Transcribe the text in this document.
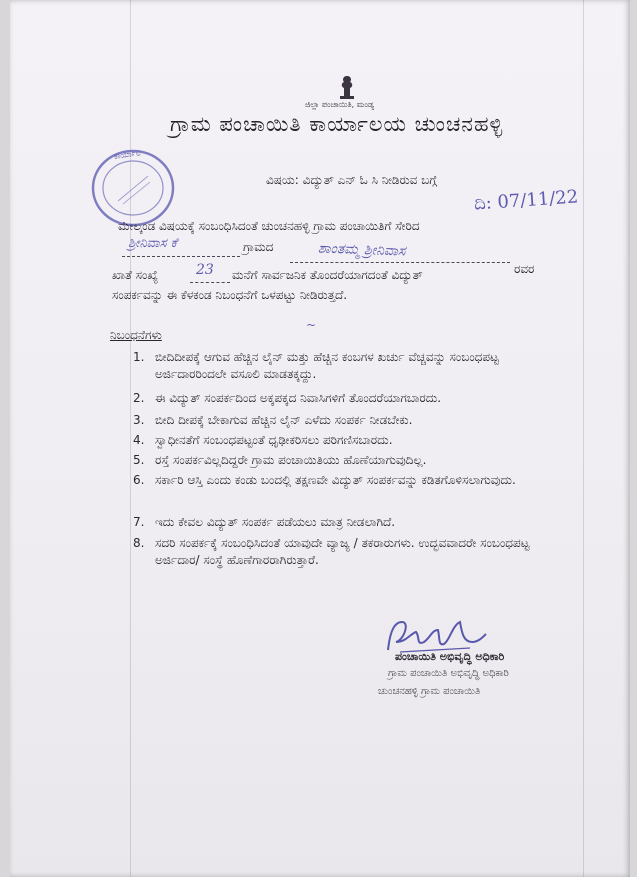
ಜಿಲ್ಲಾ ಪಂಚಾಯಿತಿ, ಮಂಡ್ಯ
ಗ್ರಾಮ ಪಂಚಾಯಿತಿ ಕಾರ್ಯಾಲಯ ಚುಂಚನಹಳ್ಳಿ
ಕಾರ್ಯಾಲ
ವಿಷಯ: ವಿದ್ಯುತ್ ಎನ್ ಓ ಸಿ ನೀಡಿರುವ ಬಗ್ಗೆ
ದಿ: 07/11/22
ಮೇಲ್ಕಂಡ ವಿಷಯಕ್ಕೆ ಸಂಬಂಧಿಸಿದಂತೆ ಚುಂಚನಹಳ್ಳಿ ಗ್ರಾಮ ಪಂಚಾಯಿತಿಗೆ ಸೇರಿದ
ಶ್ರೀನಿವಾಸ ಕೆ	ಗ್ರಾಮದ	ಶಾಂತಮ್ಮ ಶ್ರೀನಿವಾಸ
ರವರ
ಖಾತೆ ಸಂಖ್ಯೆ	23 ಮನೆಗೆ ಸಾರ್ವಜನಿಕ ತೊಂದರೆಯಾಗದಂತೆ ವಿದ್ಯುತ್
ಸಂಪರ್ಕವನ್ನು ಈ ಕೆಳಕಂಡ ನಿಬಂಧನೆಗೆ ಒಳಪಟ್ಟು ನೀಡಿರುತ್ತದೆ.
ನಿಬಂಧನೆಗಳು
1. ಬೀದಿದೀಪಕ್ಕೆ ಆಗುವ ಹೆಚ್ಚಿನ ಲೈನ್ ಮತ್ತು ಹೆಚ್ಚಿನ ಕಂಬಗಳ ಖರ್ಚು ವೆಚ್ಚವನ್ನು ಸಂಬಂಧಪಟ್ಟ ಅರ್ಜಿದಾರರಿಂದಲೇ ವಸೂಲಿ ಮಾಡತಕ್ಕದ್ದು.
2. ಈ ವಿದ್ಯುತ್ ಸಂಪರ್ಕದಿಂದ ಅಕ್ಕಪಕ್ಕದ ನಿವಾಸಿಗಳಿಗೆ ತೊಂದರೆಯಾಗಬಾರದು.
3. ಬೀದಿ ದೀಪಕ್ಕೆ ಬೇಕಾಗುವ ಹೆಚ್ಚಿನ ಲೈನ್ ಎಳೆದು ಸಂಪರ್ಕ ನೀಡಬೇಕು.
4. ಸ್ವಾಧೀನತೆಗೆ ಸಂಬಂಧಪಟ್ಟಂತೆ ಧೃಢೀಕರಿಸಲು ಪರಿಗಣಿಸಬಾರದು.
5. ರಸ್ತೆ ಸಂಪರ್ಕವಿಲ್ಲದಿದ್ದರೇ ಗ್ರಾಮ ಪಂಚಾಯಿತಿಯು ಹೊಣೆಯಾಗುವುದಿಲ್ಲ.
6. ಸರ್ಕಾರಿ ಆಸ್ತಿ ಎಂದು ಕಂಡು ಬಂದಲ್ಲಿ ತಕ್ಷಣವೇ ವಿದ್ಯುತ್ ಸಂಪರ್ಕವನ್ನು ಕಡಿತಗೊಳಿಸಲಾಗುವುದು.
7. ಇದು ಕೇವಲ ವಿದ್ಯುತ್ ಸಂಪರ್ಕ ಪಡೆಯಲು ಮಾತ್ರ ನೀಡಲಾಗಿದೆ.
8. ಸದರಿ ಸಂಪರ್ಕಕ್ಕೆ ಸಂಬಂಧಿಸಿದಂತೆ ಯಾವುದೇ ವ್ಯಾಜ್ಯ / ತಕರಾರುಗಳು. ಉದ್ಭವವಾದರೇ ಸಂಬಂಧಪಟ್ಟ ಅರ್ಜಿದಾರ/ ಸಂಸ್ಥೆ ಹೊಣೆಗಾರರಾಗಿರುತ್ತಾರೆ.
~
ಪಂಚಾಯಿತಿ ಅಭಿವೃದ್ಧಿ ಅಧಿಕಾರಿ
ಗ್ರಾಮ ಪಂಚಾಯಿತಿ ಅಭಿವೃದ್ಧಿ ಅಧಿಕಾರಿ
ಚುಂಚನಹಳ್ಳಿ ಗ್ರಾಮ ಪಂಚಾಯಿತಿ
